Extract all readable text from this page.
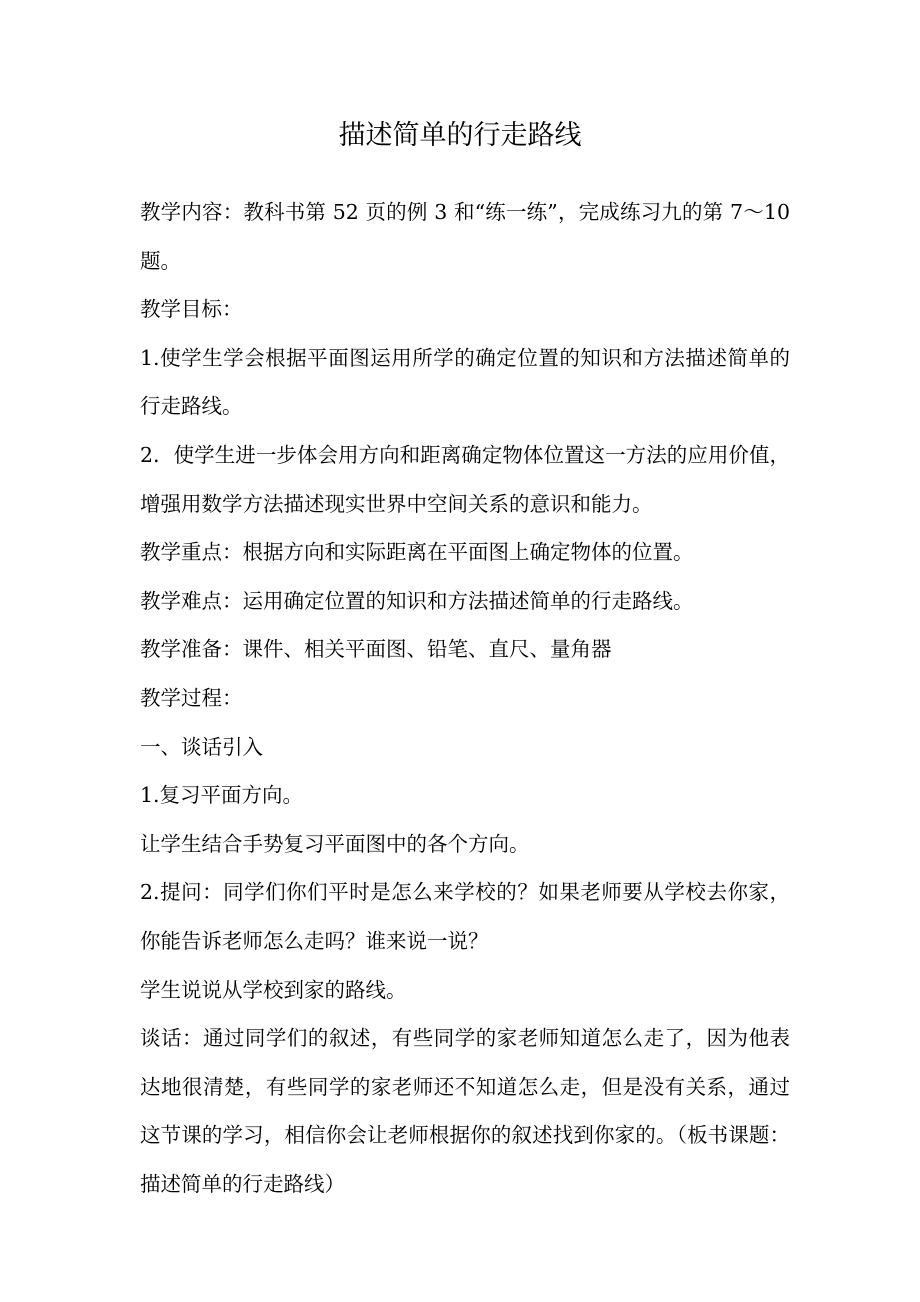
描述简单的行走路线

教学内容：教科书第 52 页的例 3 和“练一练”，完成练习九的第 7～10 题。

教学目标：

1.使学生学会根据平面图运用所学的确定位置的知识和方法描述简单的行走路线。

2．使学生进一步体会用方向和距离确定物体位置这一方法的应用价值，增强用数学方法描述现实世界中空间关系的意识和能力。

教学重点：根据方向和实际距离在平面图上确定物体的位置。

教学难点：运用确定位置的知识和方法描述简单的行走路线。

教学准备：课件、相关平面图、铅笔、直尺、量角器

教学过程：

一、谈话引入

1.复习平面方向。

让学生结合手势复习平面图中的各个方向。

2.提问：同学们你们平时是怎么来学校的？如果老师要从学校去你家，你能告诉老师怎么走吗？谁来说一说？

学生说说从学校到家的路线。

谈话：通过同学们的叙述，有些同学的家老师知道怎么走了，因为他表达地很清楚，有些同学的家老师还不知道怎么走，但是没有关系，通过这节课的学习，相信你会让老师根据你的叙述找到你家的。（板书课题：描述简单的行走路线）
